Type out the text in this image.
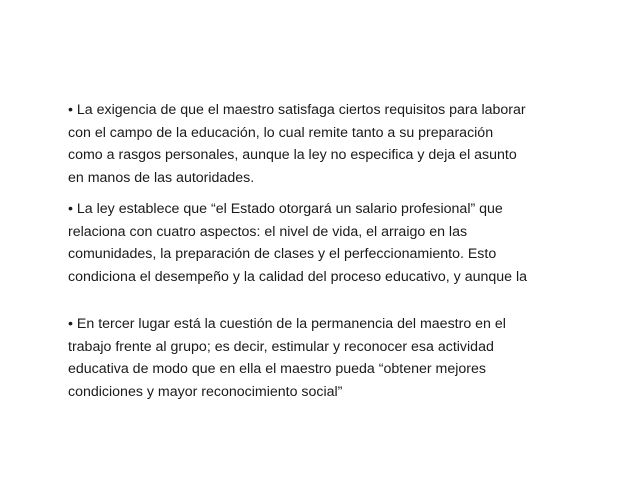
• La exigencia de que el maestro satisfaga ciertos requisitos para laborar
con el campo de la educación, lo cual remite tanto a su preparación
como a rasgos personales, aunque la ley no especifica y deja el asunto
en manos de las autoridades.
• La ley establece que “el Estado otorgará un salario profesional” que
relaciona con cuatro aspectos: el nivel de vida, el arraigo en las
comunidades, la preparación de clases y el perfeccionamiento. Esto
condiciona el desempeño y la calidad del proceso educativo, y aunque la
• En tercer lugar está la cuestión de la permanencia del maestro en el
trabajo frente al grupo; es decir, estimular y reconocer esa actividad
educativa de modo que en ella el maestro pueda “obtener mejores
condiciones y mayor reconocimiento social”
